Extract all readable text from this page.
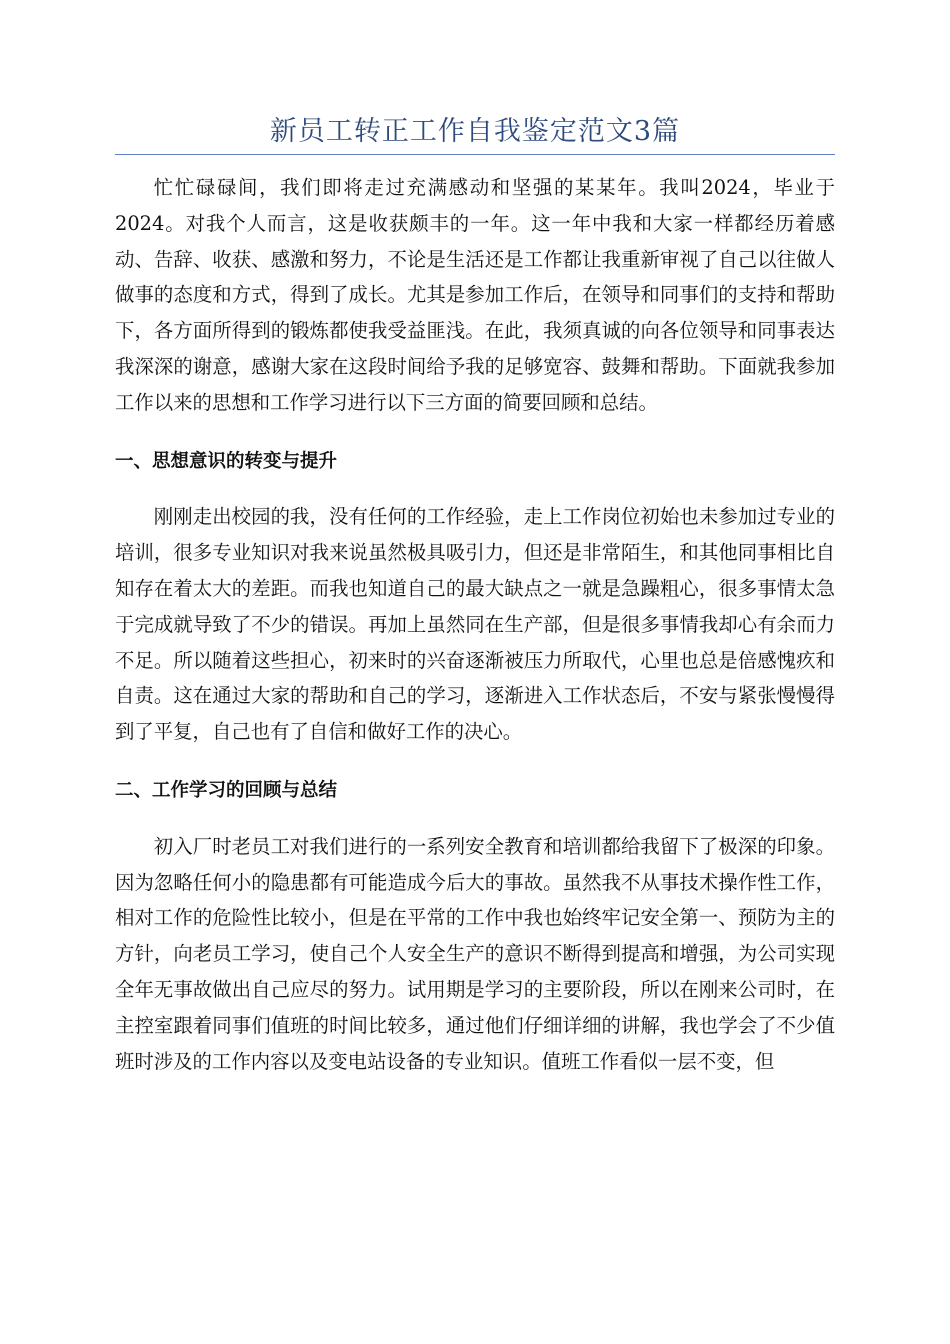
新员工转正工作自我鉴定范文3篇

忙忙碌碌间，我们即将走过充满感动和坚强的某某年。我叫2024，毕业于2024。对我个人而言，这是收获颇丰的一年。这一年中我和大家一样都经历着感动、告辞、收获、感激和努力，不论是生活还是工作都让我重新审视了自己以往做人做事的态度和方式，得到了成长。尤其是参加工作后，在领导和同事们的支持和帮助下，各方面所得到的锻炼都使我受益匪浅。在此，我须真诚的向各位领导和同事表达我深深的谢意，感谢大家在这段时间给予我的足够宽容、鼓舞和帮助。下面就我参加工作以来的思想和工作学习进行以下三方面的简要回顾和总结。

一、思想意识的转变与提升

刚刚走出校园的我，没有任何的工作经验，走上工作岗位初始也未参加过专业的培训，很多专业知识对我来说虽然极具吸引力，但还是非常陌生，和其他同事相比自知存在着太大的差距。而我也知道自己的最大缺点之一就是急躁粗心，很多事情太急于完成就导致了不少的错误。再加上虽然同在生产部，但是很多事情我却心有余而力不足。所以随着这些担心，初来时的兴奋逐渐被压力所取代，心里也总是倍感愧疚和自责。这在通过大家的帮助和自己的学习，逐渐进入工作状态后，不安与紧张慢慢得到了平复，自己也有了自信和做好工作的决心。

二、工作学习的回顾与总结

初入厂时老员工对我们进行的一系列安全教育和培训都给我留下了极深的印象。因为忽略任何小的隐患都有可能造成今后大的事故。虽然我不从事技术操作性工作，相对工作的危险性比较小，但是在平常的工作中我也始终牢记安全第一、预防为主的方针，向老员工学习，使自己个人安全生产的意识不断得到提高和增强，为公司实现全年无事故做出自己应尽的努力。试用期是学习的主要阶段，所以在刚来公司时，在主控室跟着同事们值班的时间比较多，通过他们仔细详细的讲解，我也学会了不少值班时涉及的工作内容以及变电站设备的专业知识。值班工作看似一层不变，但
